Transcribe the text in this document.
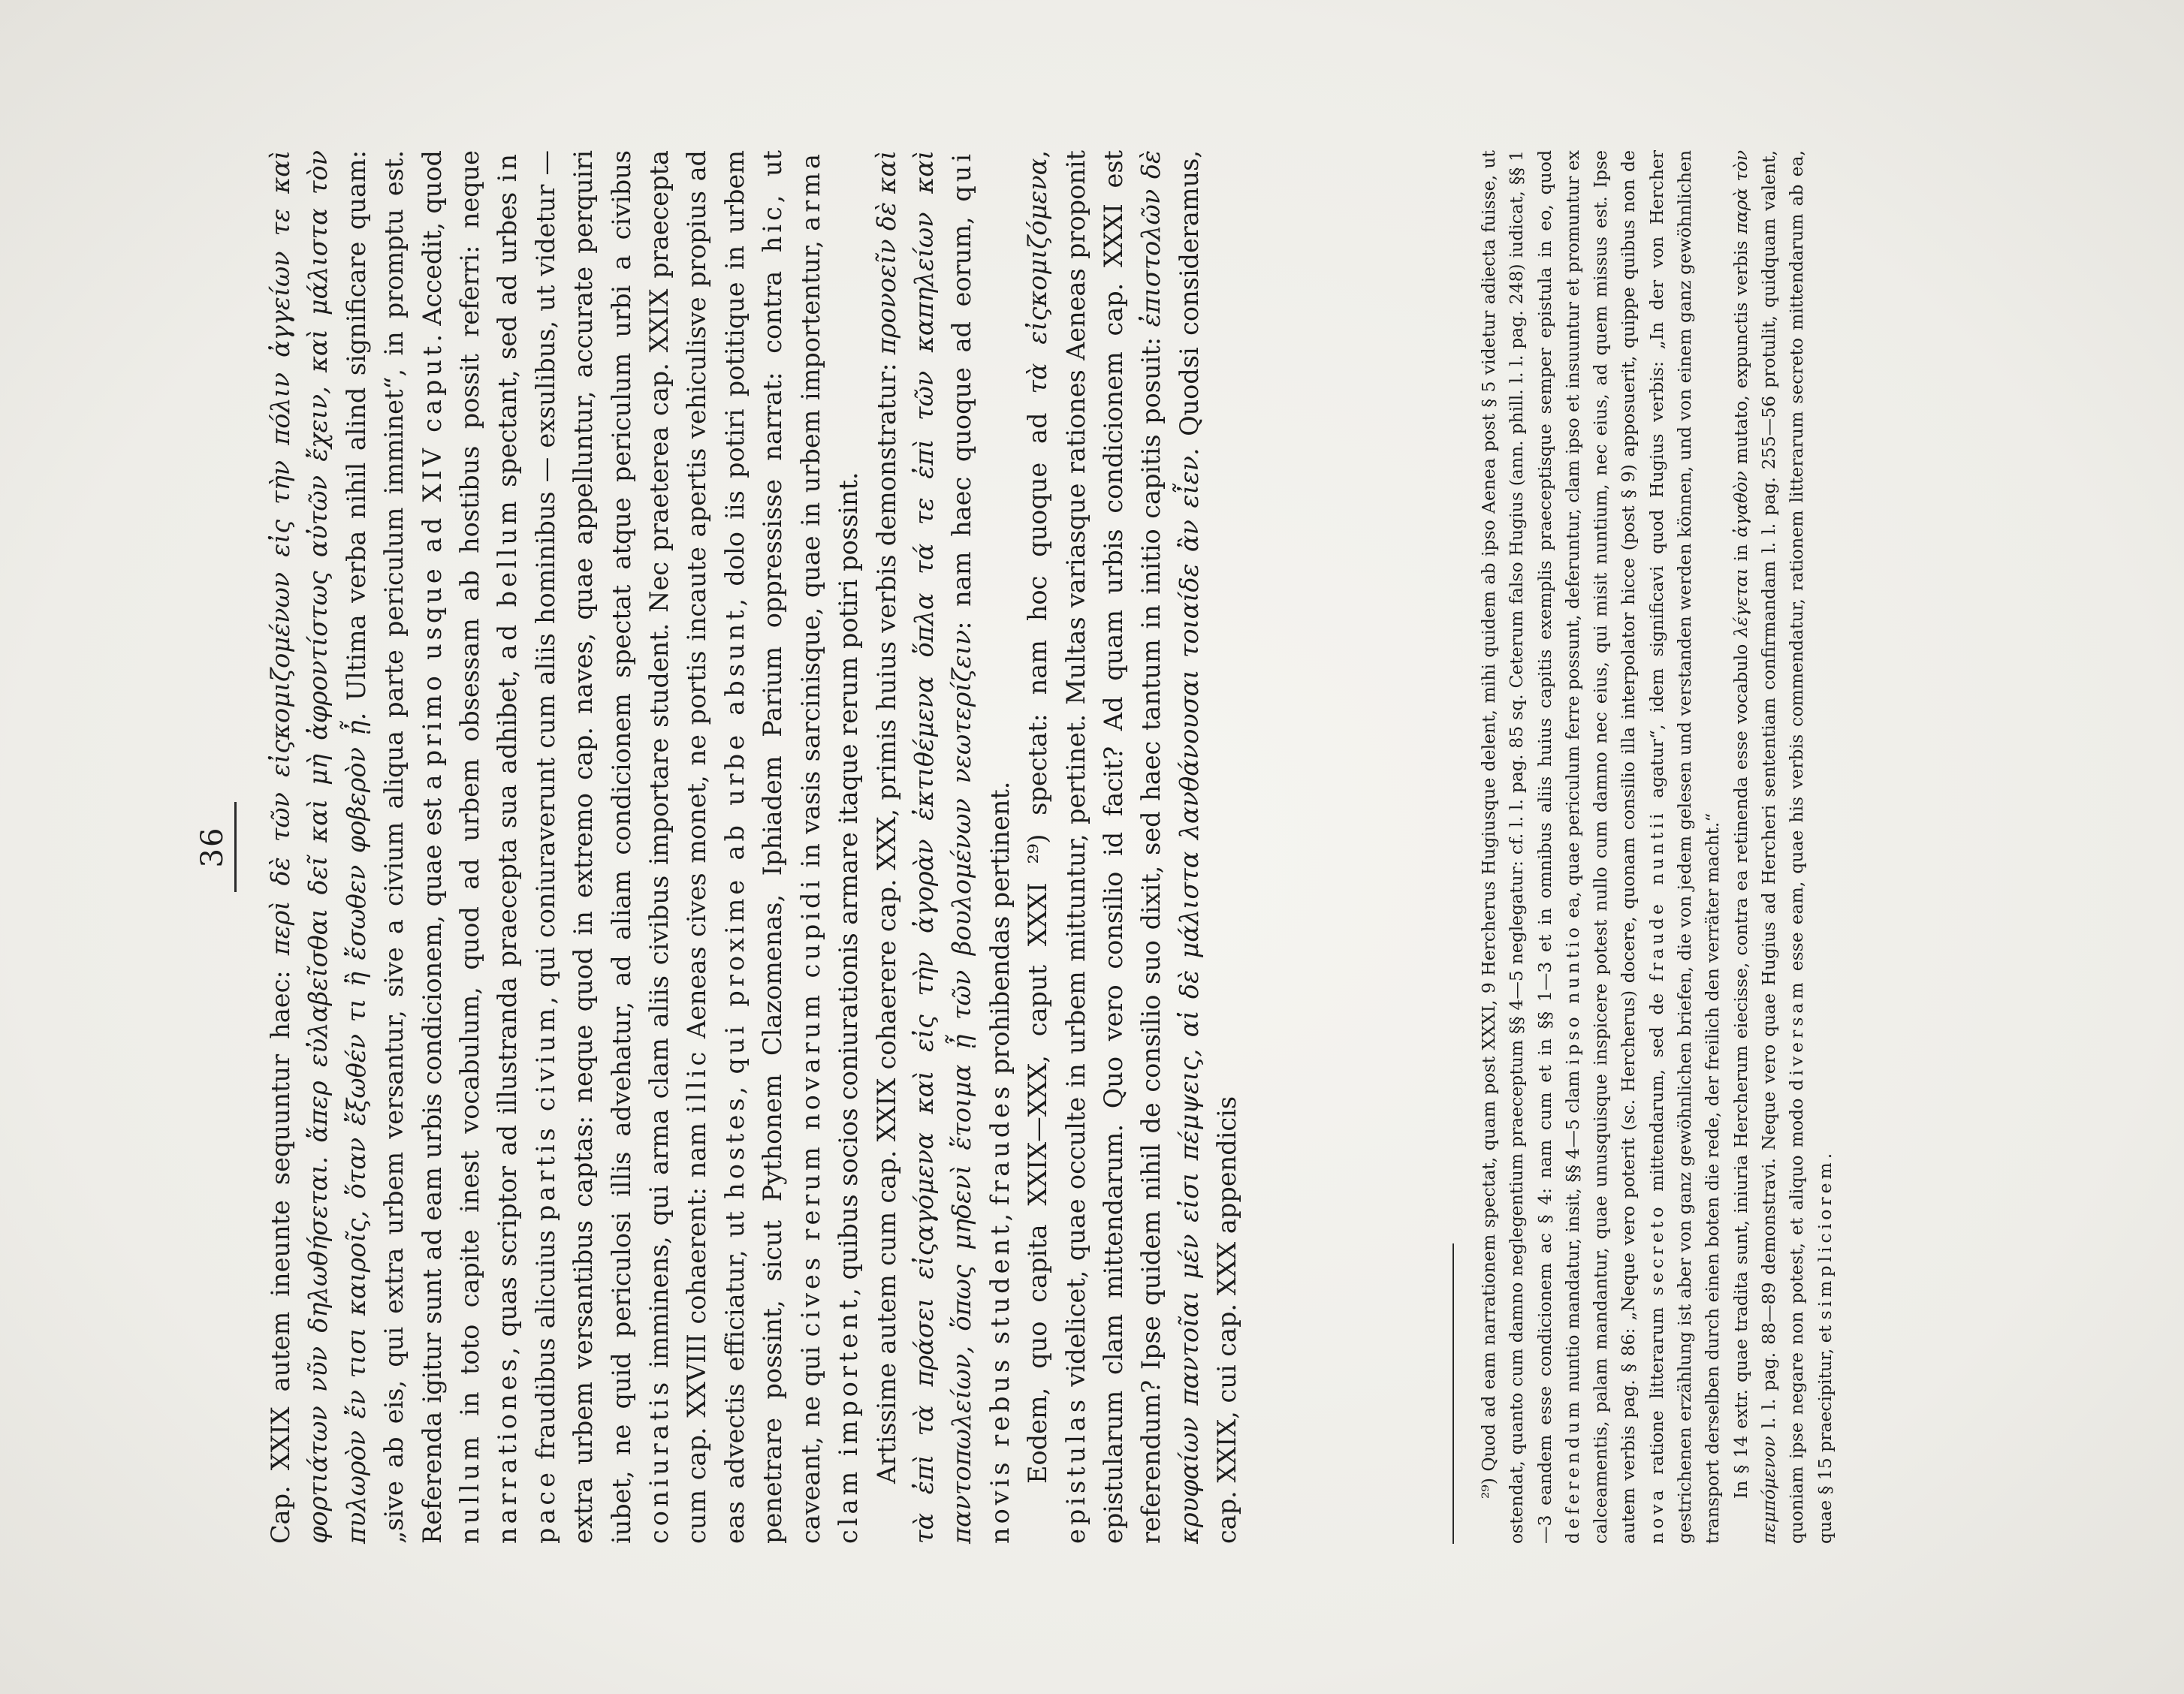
36

Cap. XXIX autem ineunte sequuntur haec: περὶ δὲ τῶν εἰςκομιζομένων εἰς τὴν πόλιν ἀγγείων τε καὶ φορτιάτων νῦν δηλωθήσεται. ἅπερ εὐλαβεῖσθαι δεῖ καὶ μὴ ἀφροντίστως αὐτῶν ἔχειν, καὶ μάλιστα τὸν πυλωρὸν ἔν τισι καιροῖς, ὅταν ἔξωθέν τι ἢ ἔσωθεν φοβερὸν ᾖ. Ultima verba nihil alind significare quam: „sive ab eis, qui extra urbem versantur, sive a civium aliqua parte periculum imminet“, in promptu est. Referenda igitur sunt ad eam urbis condicionem, quae est a primo usque ad XIV caput. Accedit, quod nullum in toto capite inest vocabulum, quod ad urbem obsessam ab hostibus possit referri: neque narrationes, quas scriptor ad illustranda praecepta sua adhibet, ad bellum spectant, sed ad urbes in pace fraudibus alicuius partis civium, qui coniuraverunt cum aliis hominibus — exsulibus, ut videtur — extra urbem versantibus captas: neque quod in extremo cap. naves, quae appelluntur, accurate perquiri iubet, ne quid periculosi illis advehatur, ad aliam condicionem spectat atque periculum urbi a civibus coniuratis imminens, qui arma clam aliis civibus importare student. Nec praeterea cap. XXIX praecepta cum cap. XXVIII cohaerent: nam illic Aeneas cives monet, ne portis incaute apertis vehiculisve propius ad eas advectis efficiatur, ut hostes, qui proxime ab urbe absunt, dolo iis potiri potitique in urbem penetrare possint, sicut Pythonem Clazomenas, Iphiadem Parium oppressisse narrat: contra hic, ut caveant, ne qui cives rerum novarum cupidi in vasis sarcinisque, quae in urbem importentur, arma clam importent, quibus socios coniurationis armare itaque rerum potiri possint. Artissime autem cum cap. XXIX cohaerere cap. XXX, primis huius verbis demonstratur: προνοεῖν δὲ καὶ τὰ ἐπὶ τὰ πράσει εἰςαγόμενα καὶ εἰς τὴν ἀγορὰν ἐκτιθέμενα ὅπλα τά τε ἐπὶ τῶν καπηλείων καὶ παντοπωλείων, ὅπως μηδενὶ ἕτοιμα ᾖ τῶν βουλομένων νεωτερίζειν: nam haec quoque ad eorum, qui novis rebus student, fraudes prohibendas pertinent. Eodem, quo capita XXIX—XXX, caput XXXI ²⁹) spectat: nam hoc quoque ad τὰ εἰςκομιζόμενα, epistulas videlicet, quae occulte in urbem mittuntur, pertinet. Multas variasque rationes Aeneas proponit epistularum clam mittendarum. Quo vero consilio id facit? Ad quam urbis condicionem cap. XXXI est referendum? Ipse quidem nihil de consilio suo dixit, sed haec tantum in initio capitis posuit: ἐπιστολῶν δὲ κρυφαίων παντοῖαι μέν εἰσι πέμψεις, αἱ δὲ μάλιστα λανθάνουσαι τοιαίδε ἂν εἶεν. Quodsi consideramus, cap. XXIX, cui cap. XXX appendicis	²⁹) Quod ad eam narrationem spectat, quam post XXXI, 9 Hercherus Hugiusque delent, mihi quidem ab ipso Aenea post § 5 videtur adiecta fuisse, ut ostendat, quanto cum damno neglegentium praeceptum §§ 4—5 neglegatur: cf. l. l. pag. 85 sq. Ceterum falso Hugius (ann. phill. l. l. pag. 248) iudicat, §§ 1—3 eandem esse condicionem ac § 4: nam cum et in §§ 1—3 et in omnibus aliis huius capitis exemplis praeceptisque semper epistula in eo, quod deferendum nuntio mandatur, insit, §§ 4—5 clam ipso nuntio ea, quae periculum ferre possunt, deferuntur, clam ipso et insuuntur et promuntur ex calceamentis, palam mandantur, quae unusquisque inspicere potest nullo cum damno nec eius, qui misit nuntium, nec eius, ad quem missus est. Ipse autem verbis pag. § 86: „Neque vero poterit (sc. Hercherus) docere, quonam consilio illa interpolator hicce (post § 9) apposuerit, quippe quibus non de nova ratione litterarum secreto mittendarum, sed de fraude nuntii agatur“, idem significavi quod Hugius verbis: „In der von Hercher gestrichenen erzählung ist aber von ganz gewöhnlichen briefen, die von jedem gelesen und verstanden werden können, und von einem ganz gewöhnlichen transport derselben durch einen boten die rede, der freilich den verräter macht.“ In § 14 extr. quae tradita sunt, iniuria Hercherum eiecisse, contra ea retinenda esse vocabulo λέγεται in ἀγαθὸν mutato, expunctis verbis παρὰ τὸν πεμπόμενον l. l. pag. 88—89 demonstravi. Neque vero quae Hugius ad Hercheri sententiam confirmandam l. l. pag. 255—56 protulit, quidquam valent, quoniam ipse negare non potest, et aliquo modo diversam esse eam, quae his verbis commendatur, rationem litterarum secreto mittendarum ab ea, quae § 15 praecipitur, et simpliciorem.
